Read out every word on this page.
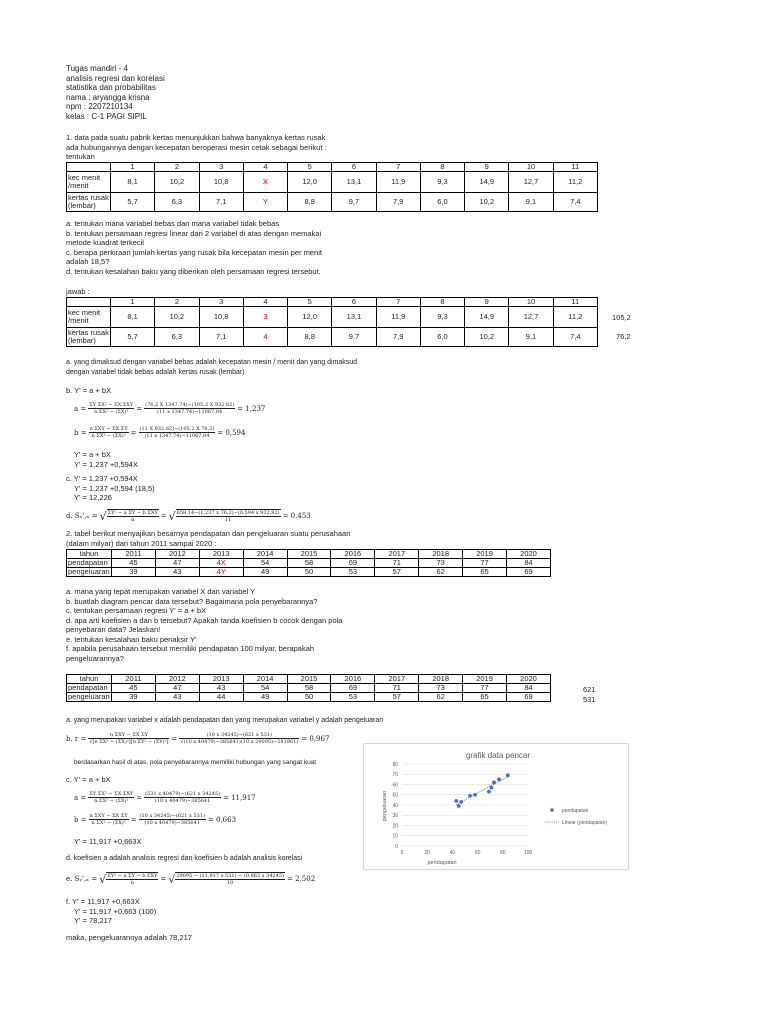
Tugas mandiri - 4
analisis regresi dan korelasi
statistika dan probabilitas
nama : aryangga krisna
npm : 2207210134
kelas : C-1 PAGI SIPIL
1. data pada suatu pabrik kertas menunjukkan bahwa banyaknya kertas rusak
ada hubungannya dengan kecepatan beroperasi mesin cetak sebagai berikut :
tentukan
	1	2	3	4	5	6	7	8	9	10	11

kec menit
/menit	8,1	10,2	10,8	X	12,0	13,1	11,9	9,3	14,9	12,7	11,2

kertas rusak
(lembar)	5,7	6,3	7,1	Y	8,8	9,7	7,9	6,0	10,2	9,1	7,4
a. tentukan mana variabel bebas dan mana variabel tidak bebas
b. tentukan persamaan regresi linear dari 2 variabel di atas dengan memakai
metode kuadrat terkecil
c. berapa perkiraan jumlah kertas yang rusak bila kecepatan mesin per menit
adalah 18,5?
d. tentukan kesalahan baku yang diberikan oleh persamaan regresi tersebut.
jawab :
	1	2	3	4	5	6	7	8	9	10	11

kec menit
/menit	8,1	10,2	10,8	3	12,0	13,1	11,9	9,3	14,9	12,7	11,2

kertas rusak
(lembar)	5,7	6,3	7,1	4	8,8	9,7	7,9	6,0	10,2	9,1	7,4
105,2
76,2
a. yang dimaksud dengan variabel bebas adalah kecepatan mesin / menit dan yang dimaksud
dengan variabel tidak bebas adalah kertas rusak (lembar)
b. Y' = a + bX
$a = \frac{\text{ΣY ΣX² − ΣX ΣXY}}{\text{n ΣX² − (ΣX)²}} = \frac{(76,2 X 1347,74)-(105,2 X 932,82)}{(11 x 1347,74)-11067,04} = 1,237$
$b = \frac{\text{n ΣXY − ΣX ΣY}}{\text{n ΣX² − (ΣX)²}} = \frac{(11 X 932,82)-(105,2 X 76,2)}{(11 x 1347,74)-11067,04} = 0,594$
Y' = a + bX
Y' = 1,237 +0,594X
c. Y' = 1,237 +0,594X
Y' = 1,237 +0,594 (18,5)
Y' = 12,226
d. Sᵧ',ₓ = √ $\frac{\text{ΣY² − a ΣY − b ΣXY}}{n}$ = √ $\frac{658,14-(1,237 x 76,2)-(0,594 x 932,82)}{11} = 0,453$
2. tabel berikut menyajikan besarnya pendapatan dan pengeluaran suatu perusahaan
(dalam milyar) dari tahun 2011 sampai 2020 :
tahun	2011	2012	2013	2014	2015	2016	2017	2018	2019	2020
pendapatan	45	47	4X	54	58	69	71	73	77	84
pengeluaran	39	43	4Y	49	50	53	57	62	65	69
a. mana yang tepat merupakan variabel X dan variabel Y
b. buatlah diagram pencar data tersebut? Bagaimana pola penyebarannya?
c. tentukan persamaan regresi Y' = a + bX
d. apa arti koefisien a dan b tersebut? Apakah tanda koefisien b cocok dengan pola
penyebaran data? Jelaskan!
e. tentukan kesalahan baku penaksir Y'
f. apabila perusahaan tersebut memiliki pendapatan 100 milyar, berapakah
pengeluarannya?
tahun	2011	2012	2013	2014	2015	2016	2017	2018	2019	2020
pendapatan	45	47	43	54	58	69	71	73	77	84
pengeluaran	39	43	44	49	50	53	57	62	65	69
621
531
a. yang merupakan variabel x adalah pendapatan dan yang merupakan variabel y adalah pengeluaran
b. $r = \frac{\text{n ΣXY − ΣX ΣY}}{\text{√[n ΣX² − (ΣX)²][n ΣY² − (ΣY)²]}} = \frac{(10 x 34245)-(621 x 531)}{√(10 x 40479)-385641)(10 x 29095)-281961)} = 0,967$
berdasarkan hasil di atas, pola penyebarannya memiliki hubungan yang sangat kuat
c. Y' = a + bX
$a = \frac{\text{ΣY ΣX² − ΣX ΣXY}}{\text{n ΣX² − (ΣX)²}} = \frac{(531 x 40479)-(621 x 34245)}{(10 x 40479)-385641} = 11,917$
$b = \frac{\text{n ΣXY − ΣX ΣY}}{\text{n ΣX² − (ΣX)²}} = \frac{(10 x 34245)-(621 x 531)}{(10 x 40479)-385641} = 0,663$
Y' = 11,917 +0,663X
d. koefisien a adalah analisis regresi dan koefisien b adalah analisis korelasi
e. Sᵧ',ₓ = √ $\frac{\text{ΣY² − a ΣY − b ΣXY}}{n}$ = √ $\frac{29095 - (11,917 x 531) - (0,663 x 34245)}{10} = 2,502$
f. Y' = 11,917 +0,663X
Y' = 11,917 +0,663 (100)
Y' = 78,217
maka, pengeluarannya adalah 78,217
grafik data pencar
0
10
20
30
40
50
60
70
80
0	20	40	60	80	100
pendapatan
pengeluaran	pendapatan
Linear (pendapatan)
